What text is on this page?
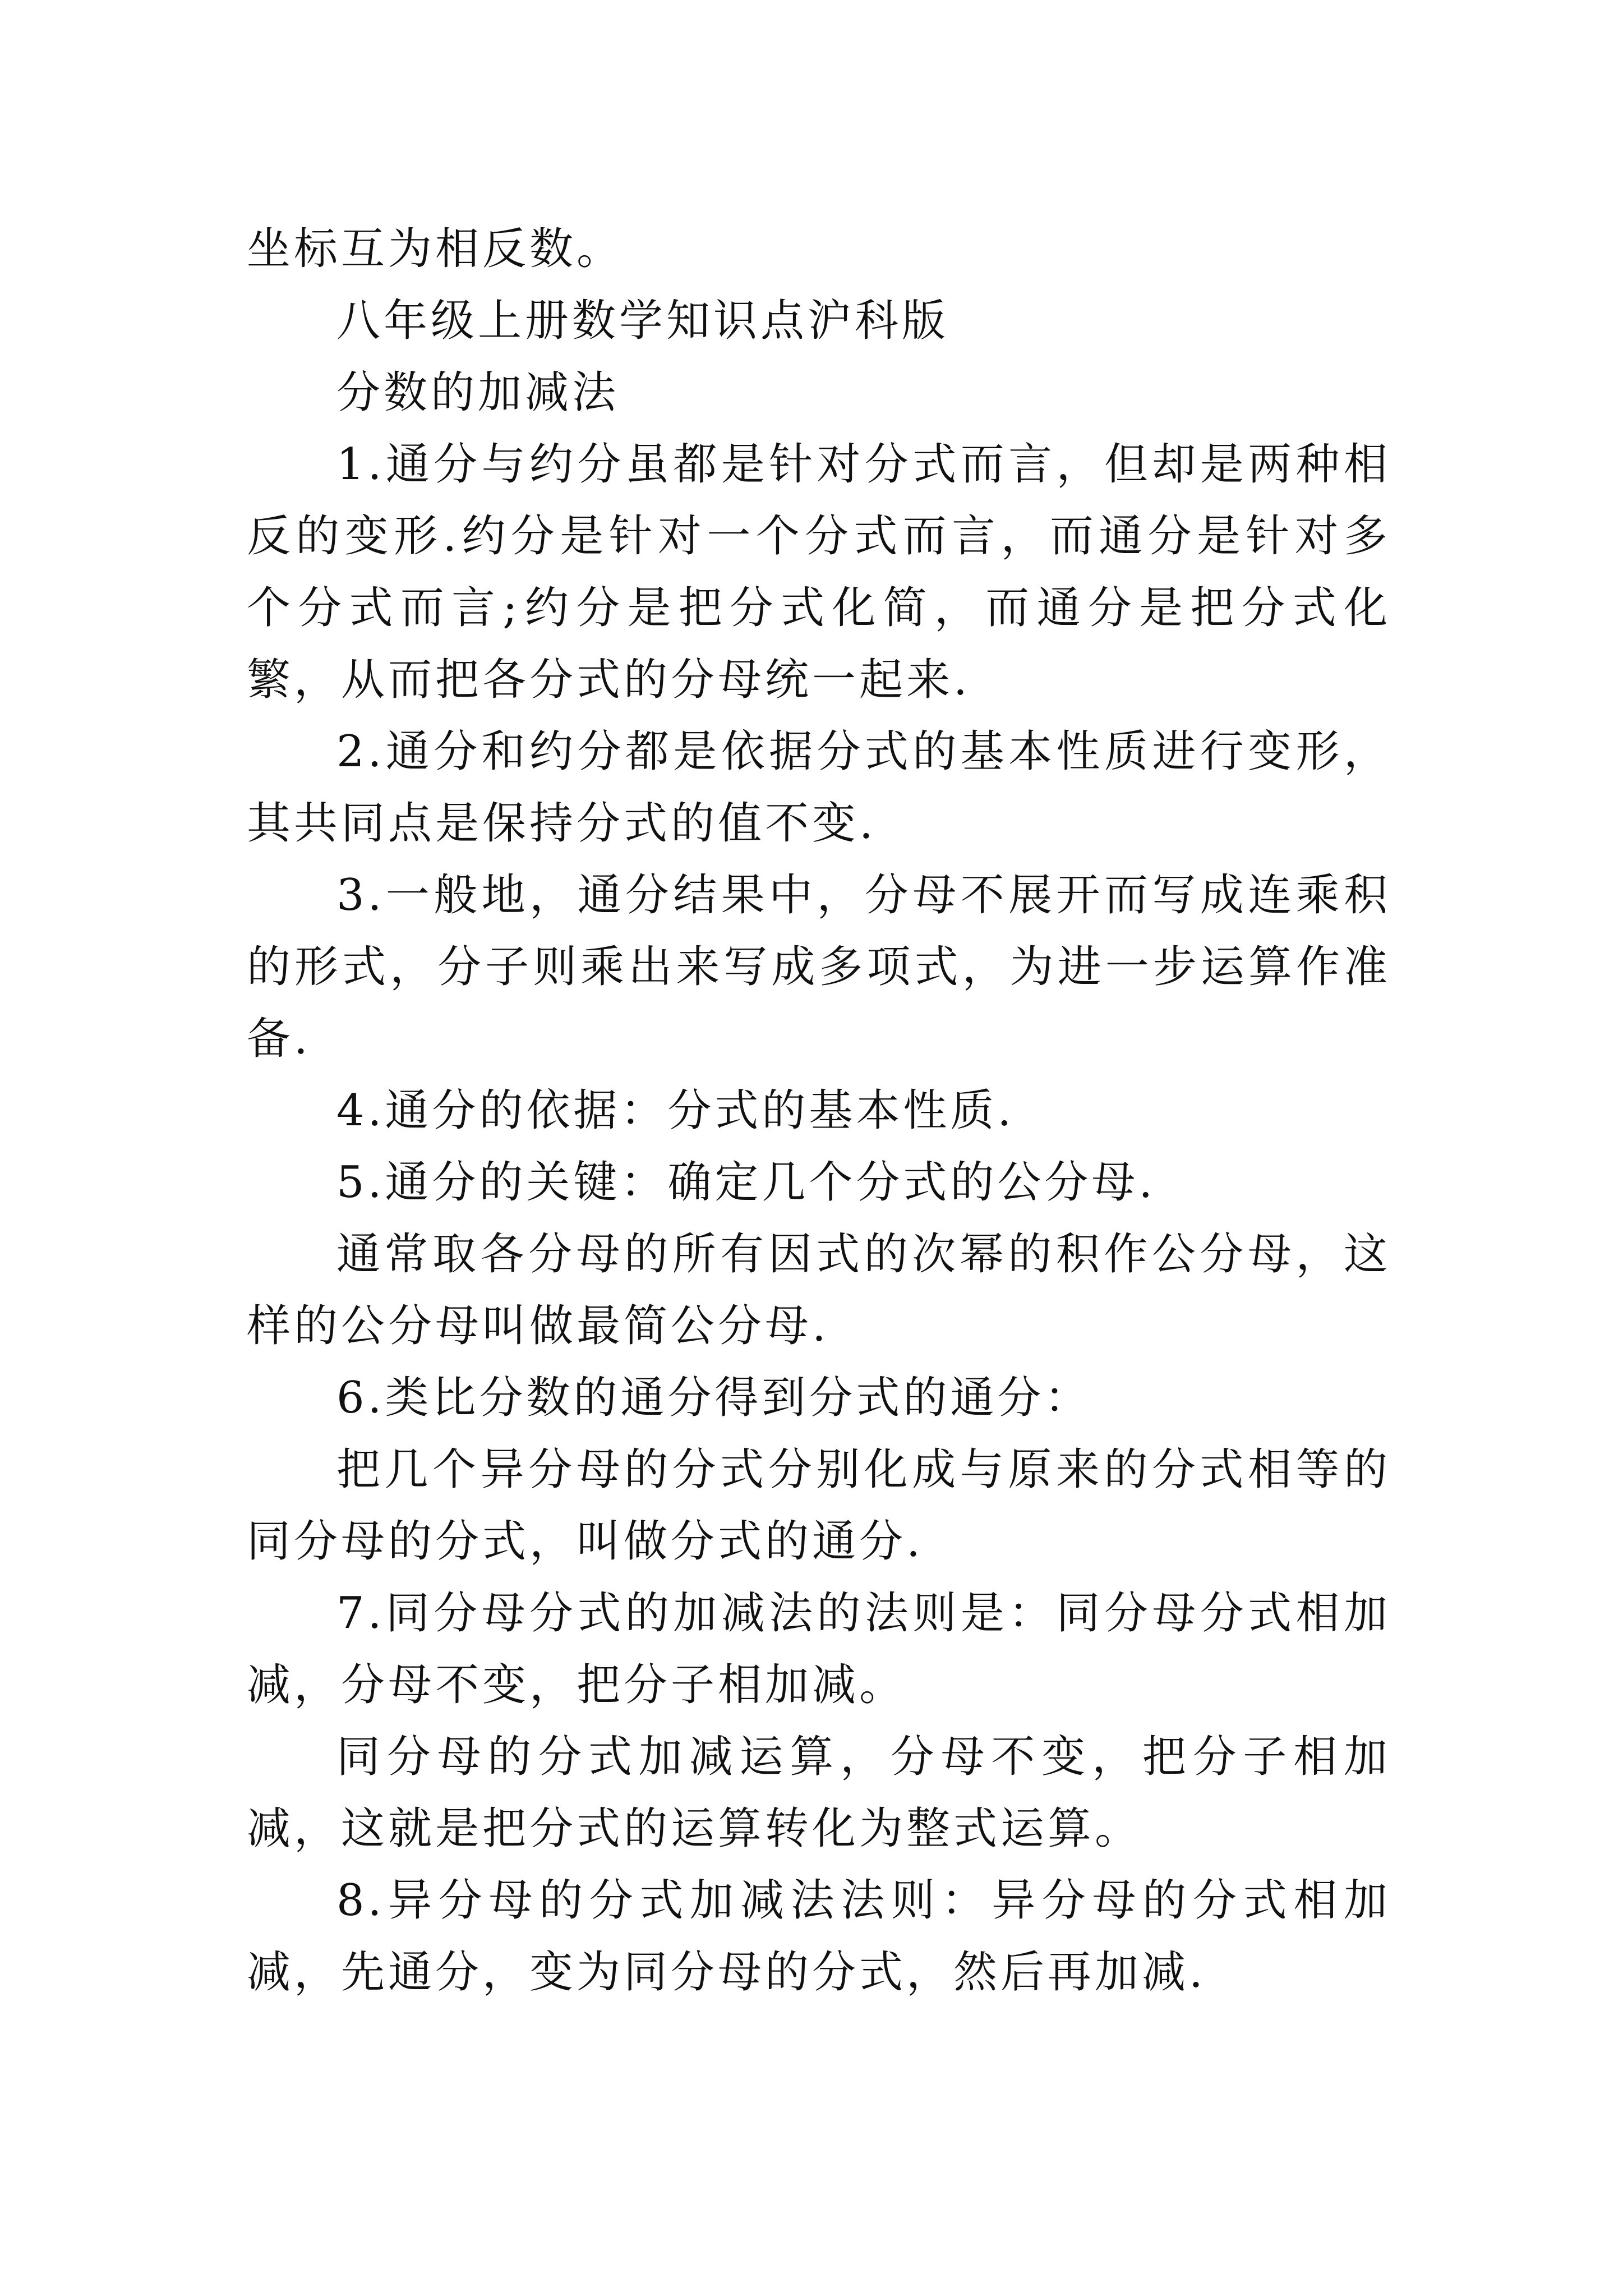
坐标互为相反数。

八年级上册数学知识点沪科版

分数的加减法

1.通分与约分虽都是针对分式而言，但却是两种相反的变形.约分是针对一个分式而言，而通分是针对多个分式而言;约分是把分式化简，而通分是把分式化繁，从而把各分式的分母统一起来.

2.通分和约分都是依据分式的基本性质进行变形，其共同点是保持分式的值不变.

3.一般地，通分结果中，分母不展开而写成连乘积的形式，分子则乘出来写成多项式，为进一步运算作准备.

4.通分的依据：分式的基本性质.

5.通分的关键：确定几个分式的公分母.

通常取各分母的所有因式的次幂的积作公分母，这样的公分母叫做最简公分母.

6.类比分数的通分得到分式的通分：

把几个异分母的分式分别化成与原来的分式相等的同分母的分式，叫做分式的通分.

7.同分母分式的加减法的法则是：同分母分式相加减，分母不变，把分子相加减。

同分母的分式加减运算，分母不变，把分子相加减，这就是把分式的运算转化为整式运算。

8.异分母的分式加减法法则：异分母的分式相加减，先通分，变为同分母的分式，然后再加减.
